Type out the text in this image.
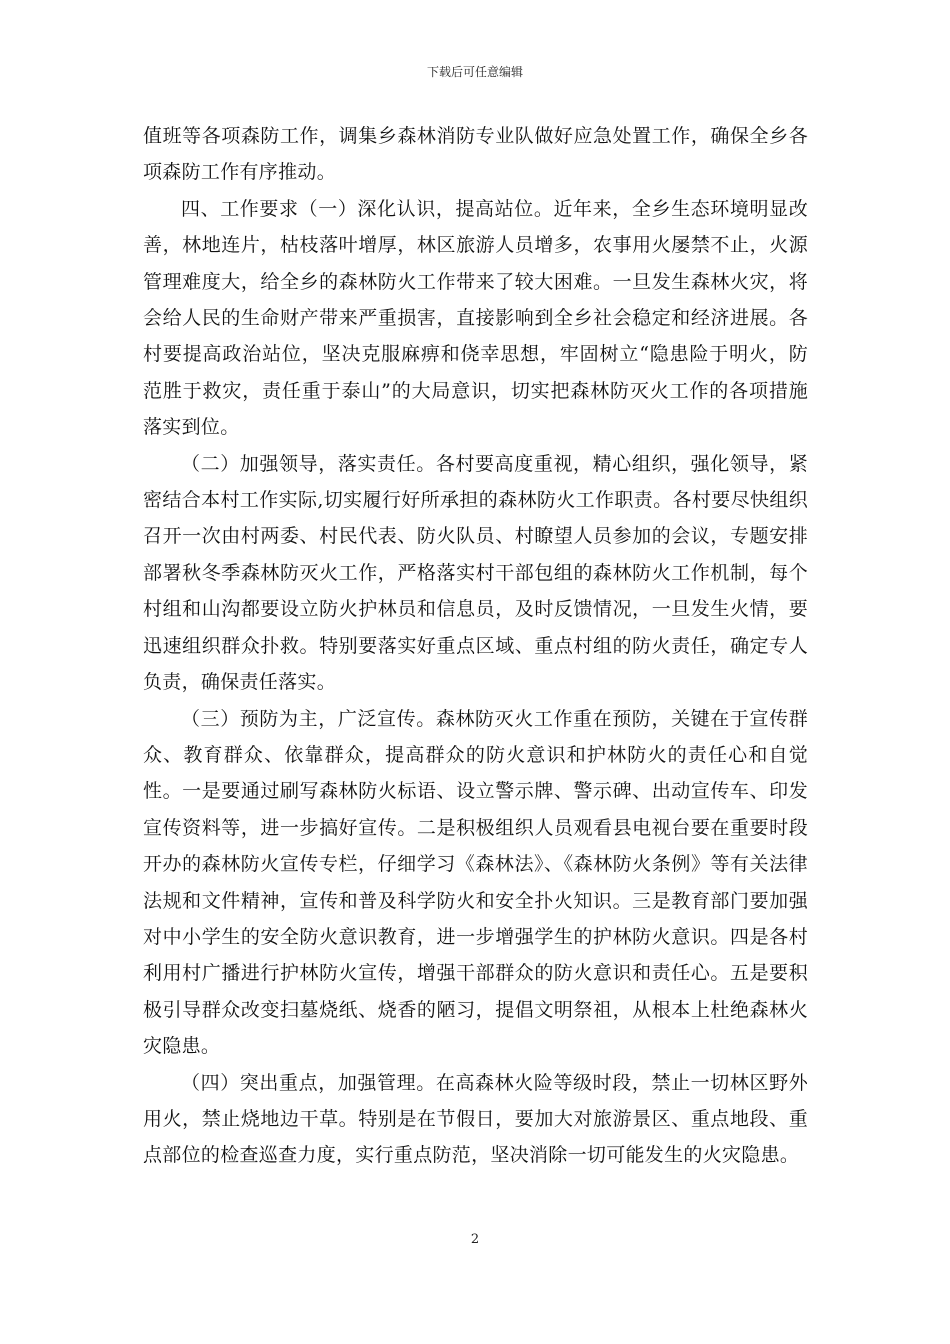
下载后可任意编辑

值班等各项森防工作，调集乡森林消防专业队做好应急处置工作，确保全乡各项森防工作有序推动。

四、工作要求（一）深化认识，提高站位。近年来，全乡生态环境明显改善，林地连片，枯枝落叶增厚，林区旅游人员增多，农事用火屡禁不止，火源管理难度大，给全乡的森林防火工作带来了较大困难。一旦发生森林火灾，将会给人民的生命财产带来严重损害，直接影响到全乡社会稳定和经济进展。各村要提高政治站位，坚决克服麻痹和侥幸思想，牢固树立“隐患险于明火，防范胜于救灾，责任重于泰山”的大局意识，切实把森林防灭火工作的各项措施落实到位。

（二）加强领导，落实责任。各村要高度重视，精心组织，强化领导，紧密结合本村工作实际,切实履行好所承担的森林防火工作职责。各村要尽快组织召开一次由村两委、村民代表、防火队员、村瞭望人员参加的会议，专题安排部署秋冬季森林防灭火工作，严格落实村干部包组的森林防火工作机制，每个村组和山沟都要设立防火护林员和信息员，及时反馈情况，一旦发生火情，要迅速组织群众扑救。特别要落实好重点区域、重点村组的防火责任，确定专人负责，确保责任落实。

（三）预防为主，广泛宣传。森林防灭火工作重在预防，关键在于宣传群众、教育群众、依靠群众，提高群众的防火意识和护林防火的责任心和自觉性。一是要通过刷写森林防火标语、设立警示牌、警示碑、出动宣传车、印发宣传资料等，进一步搞好宣传。二是积极组织人员观看县电视台要在重要时段开办的森林防火宣传专栏，仔细学习《森林法》、《森林防火条例》等有关法律法规和文件精神，宣传和普及科学防火和安全扑火知识。三是教育部门要加强对中小学生的安全防火意识教育，进一步增强学生的护林防火意识。四是各村利用村广播进行护林防火宣传，增强干部群众的防火意识和责任心。五是要积极引导群众改变扫墓烧纸、烧香的陋习，提倡文明祭祖，从根本上杜绝森林火灾隐患。

（四）突出重点，加强管理。在高森林火险等级时段，禁止一切林区野外用火，禁止烧地边干草。特别是在节假日，要加大对旅游景区、重点地段、重点部位的检查巡查力度，实行重点防范，坚决消除一切可能发生的火灾隐患。

2
